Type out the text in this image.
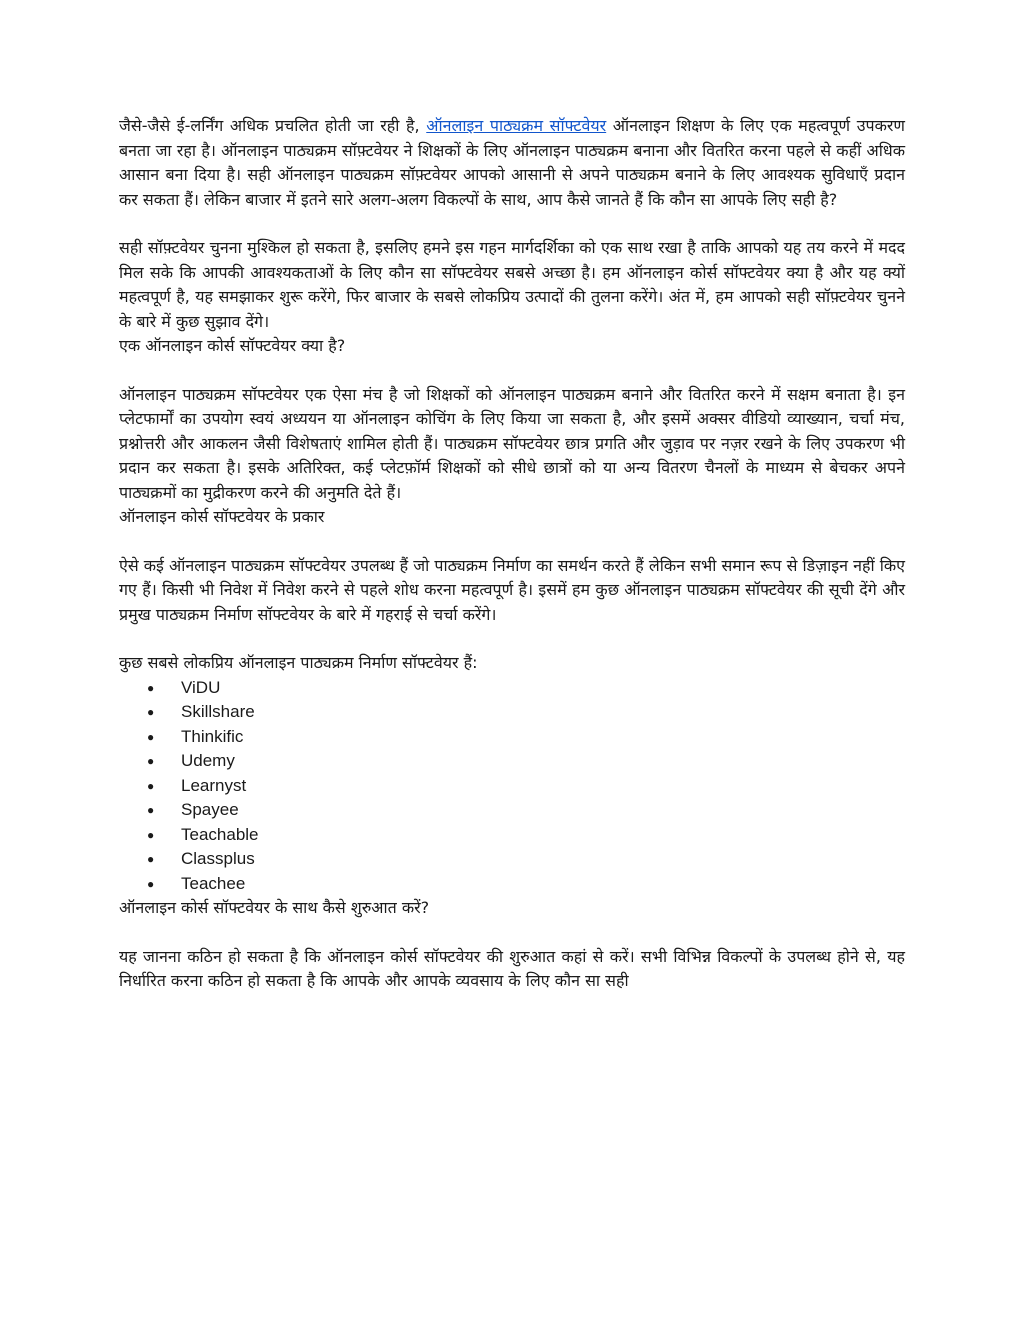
जैसे-जैसे ई-लर्निंग अधिक प्रचलित होती जा रही है, ऑनलाइन पाठ्यक्रम सॉफ्टवेयर ऑनलाइन शिक्षण के लिए एक महत्वपूर्ण उपकरण बनता जा रहा है। ऑनलाइन पाठ्यक्रम सॉफ़्टवेयर ने शिक्षकों के लिए ऑनलाइन पाठ्यक्रम बनाना और वितरित करना पहले से कहीं अधिक आसान बना दिया है। सही ऑनलाइन पाठ्यक्रम सॉफ़्टवेयर आपको आसानी से अपने पाठ्यक्रम बनाने के लिए आवश्यक सुविधाएँ प्रदान कर सकता हैं। लेकिन बाजार में इतने सारे अलग-अलग विकल्पों के साथ, आप कैसे जानते हैं कि कौन सा आपके लिए सही है?

सही सॉफ़्टवेयर चुनना मुश्किल हो सकता है, इसलिए हमने इस गहन मार्गदर्शिका को एक साथ रखा है ताकि आपको यह तय करने में मदद मिल सके कि आपकी आवश्यकताओं के लिए कौन सा सॉफ्टवेयर सबसे अच्छा है। हम ऑनलाइन कोर्स सॉफ्टवेयर क्या है और यह क्यों महत्वपूर्ण है, यह समझाकर शुरू करेंगे, फिर बाजार के सबसे लोकप्रिय उत्पादों की तुलना करेंगे। अंत में, हम आपको सही सॉफ़्टवेयर चुनने के बारे में कुछ सुझाव देंगे।

एक ऑनलाइन कोर्स सॉफ्टवेयर क्या है?

ऑनलाइन पाठ्यक्रम सॉफ्टवेयर एक ऐसा मंच है जो शिक्षकों को ऑनलाइन पाठ्यक्रम बनाने और वितरित करने में सक्षम बनाता है। इन प्लेटफार्मों का उपयोग स्वयं अध्ययन या ऑनलाइन कोचिंग के लिए किया जा सकता है, और इसमें अक्सर वीडियो व्याख्यान, चर्चा मंच, प्रश्नोत्तरी और आकलन जैसी विशेषताएं शामिल होती हैं। पाठ्यक्रम सॉफ्टवेयर छात्र प्रगति और जुड़ाव पर नज़र रखने के लिए उपकरण भी प्रदान कर सकता है। इसके अतिरिक्त, कई प्लेटफ़ॉर्म शिक्षकों को सीधे छात्रों को या अन्य वितरण चैनलों के माध्यम से बेचकर अपने पाठ्यक्रमों का मुद्रीकरण करने की अनुमति देते हैं।

ऑनलाइन कोर्स सॉफ्टवेयर के प्रकार

ऐसे कई ऑनलाइन पाठ्यक्रम सॉफ्टवेयर उपलब्ध हैं जो पाठ्यक्रम निर्माण का समर्थन करते हैं लेकिन सभी समान रूप से डिज़ाइन नहीं किए गए हैं। किसी भी निवेश में निवेश करने से पहले शोध करना महत्वपूर्ण है। इसमें हम कुछ ऑनलाइन पाठ्यक्रम सॉफ्टवेयर की सूची देंगे और प्रमुख पाठ्यक्रम निर्माण सॉफ्टवेयर के बारे में गहराई से चर्चा करेंगे।

कुछ सबसे लोकप्रिय ऑनलाइन पाठ्यक्रम निर्माण सॉफ्टवेयर हैं:

● ViDU
● Skillshare
● Thinkific
● Udemy
● Learnyst
● Spayee
● Teachable
● Classplus
● Teachee
ऑनलाइन कोर्स सॉफ्टवेयर के साथ कैसे शुरुआत करें?

यह जानना कठिन हो सकता है कि ऑनलाइन कोर्स सॉफ्टवेयर की शुरुआत कहां से करें। सभी विभिन्न विकल्पों के उपलब्ध होने से, यह निर्धारित करना कठिन हो सकता है कि आपके और आपके व्यवसाय के लिए कौन सा सही
